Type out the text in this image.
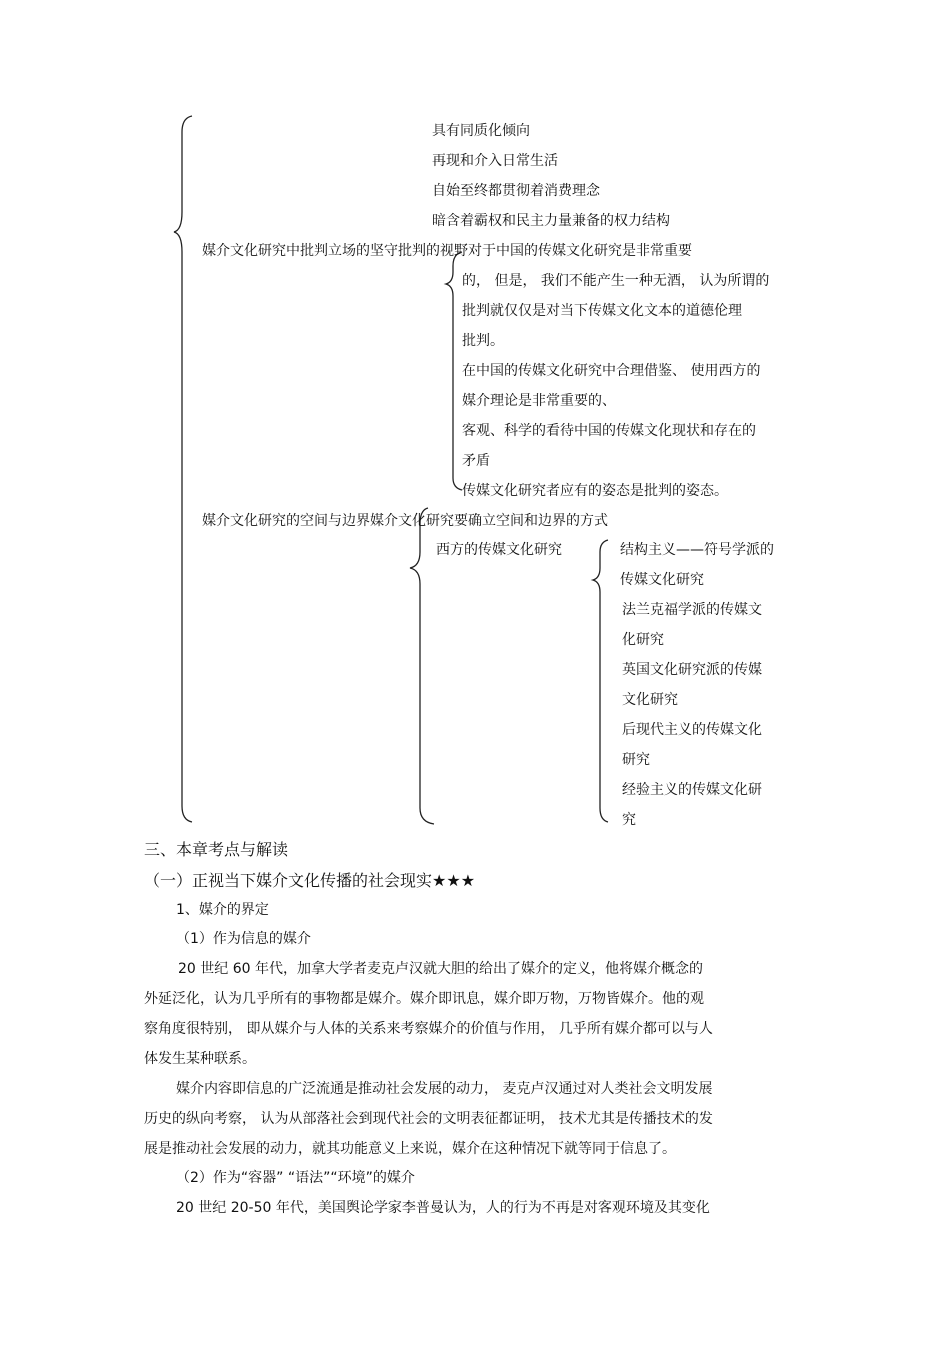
具有同质化倾向
再现和介入日常生活
自始至终都贯彻着消费理念
暗含着霸权和民主力量兼备的权力结构
媒介文化研究中批判立场的坚守批判的视野对于中国的传媒文化研究是非常重要
的， 但是， 我们不能产生一种无酒， 认为所谓的
批判就仅仅是对当下传媒文化文本的道德伦理
批判。
在中国的传媒文化研究中合理借鉴、 使用西方的
媒介理论是非常重要的、
客观、科学的看待中国的传媒文化现状和存在的
矛盾
传媒文化研究者应有的姿态是批判的姿态。
媒介文化研究的空间与边界媒介文化研究要确立空间和边界的方式
西方的传媒文化研究	结构主义——符号学派的
传媒文化研究
法兰克福学派的传媒文
化研究
英国文化研究派的传媒
文化研究
后现代主义的传媒文化
研究
经验主义的传媒文化研
究
三、本章考点与解读
（一）正视当下媒介文化传播的社会现实★★★
1、媒介的界定
（1）作为信息的媒介
20 世纪 60 年代，加拿大学者麦克卢汉就大胆的给出了媒介的定义，他将媒介概念的
外延泛化，认为几乎所有的事物都是媒介。媒介即讯息，媒介即万物，万物皆媒介。他的观
察角度很特别， 即从媒介与人体的关系来考察媒介的价值与作用， 几乎所有媒介都可以与人
体发生某种联系。
媒介内容即信息的广泛流通是推动社会发展的动力， 麦克卢汉通过对人类社会文明发展
历史的纵向考察， 认为从部落社会到现代社会的文明表征都证明， 技术尤其是传播技术的发
展是推动社会发展的动力，就其功能意义上来说，媒介在这种情况下就等同于信息了。
（2）作为“容器” “语法”“环境”的媒介
20 世纪 20-50 年代，美国舆论学家李普曼认为，人的行为不再是对客观环境及其变化
